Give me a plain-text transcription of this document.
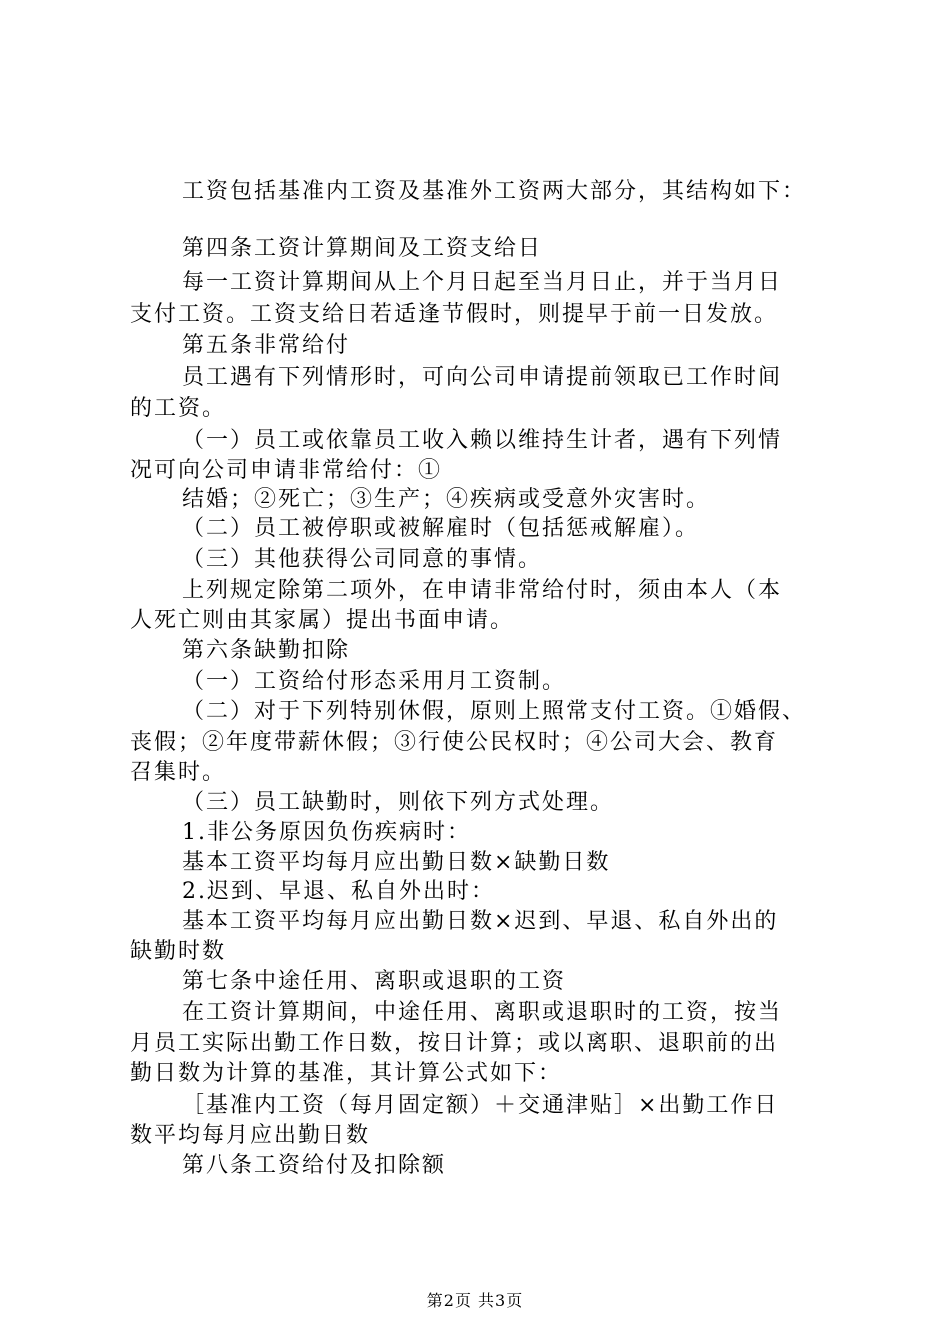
工资包括基准内工资及基准外工资两大部分，其结构如下：
第四条工资计算期间及工资支给日
每一工资计算期间从上个月日起至当月日止，并于当月日
支付工资。工资支给日若适逢节假时，则提早于前一日发放。
第五条非常给付
员工遇有下列情形时，可向公司申请提前领取已工作时间
的工资。
（一）员工或依靠员工收入赖以维持生计者，遇有下列情
况可向公司申请非常给付：①
结婚；②死亡；③生产；④疾病或受意外灾害时。
（二）员工被停职或被解雇时（包括惩戒解雇）。
（三）其他获得公司同意的事情。
上列规定除第二项外，在申请非常给付时，须由本人（本
人死亡则由其家属）提出书面申请。
第六条缺勤扣除
（一）工资给付形态采用月工资制。
（二）对于下列特别休假，原则上照常支付工资。①婚假、
丧假；②年度带薪休假；③行使公民权时；④公司大会、教育
召集时。
（三）员工缺勤时，则依下列方式处理。
1.非公务原因负伤疾病时：
基本工资平均每月应出勤日数×缺勤日数
2.迟到、早退、私自外出时：
基本工资平均每月应出勤日数×迟到、早退、私自外出的
缺勤时数
第七条中途任用、离职或退职的工资
在工资计算期间，中途任用、离职或退职时的工资，按当
月员工实际出勤工作日数，按日计算；或以离职、退职前的出
勤日数为计算的基准，其计算公式如下：
［基准内工资（每月固定额）＋交通津贴］×出勤工作日
数平均每月应出勤日数
第八条工资给付及扣除额
第2页 共3页
